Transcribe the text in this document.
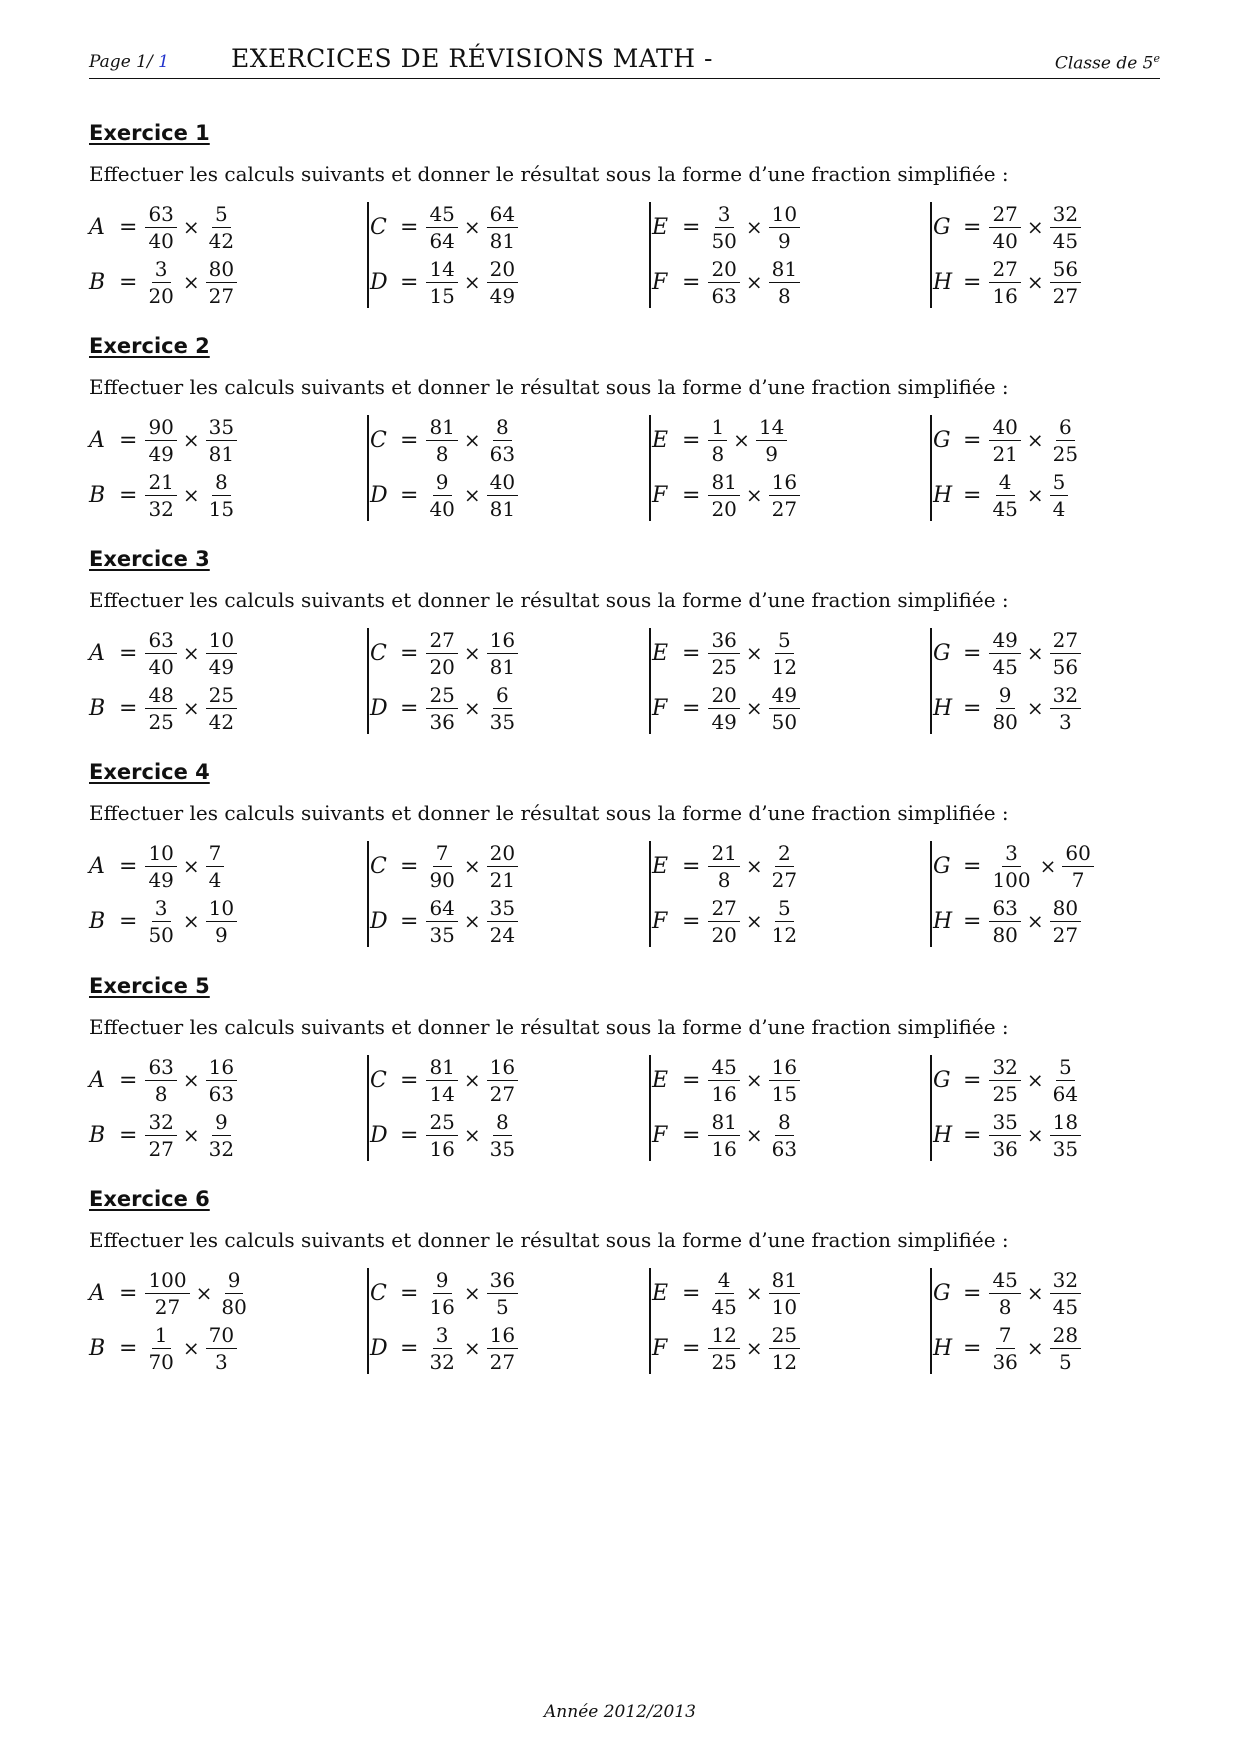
Page 1/ 1 EXERCICES DE RÉVISIONS MATH -	Classe de 5e
Exercice 1
Effectuer les calculs suivants et donner le résultat sous la forme d’une fraction simplifiée :
$A = \frac{63}{40} \times \frac{5}{42}$
$B = \frac{3}{20} \times \frac{80}{27}$
$C = \frac{45}{64} \times \frac{64}{81}$
$D = \frac{14}{15} \times \frac{20}{49}$
$E = \frac{3}{50} \times \frac{10}{9}$
$F = \frac{20}{63} \times \frac{81}{8}$
$G = \frac{27}{40} \times \frac{32}{45}$
$H = \frac{27}{16} \times \frac{56}{27}$
Exercice 2
Effectuer les calculs suivants et donner le résultat sous la forme d’une fraction simplifiée :
$A = \frac{90}{49} \times \frac{35}{81}$
$B = \frac{21}{32} \times \frac{8}{15}$
$C = \frac{81}{8} \times \frac{8}{63}$
$D = \frac{9}{40} \times \frac{40}{81}$
$E = \frac{1}{8} \times \frac{14}{9}$
$F = \frac{81}{20} \times \frac{16}{27}$
$G = \frac{40}{21} \times \frac{6}{25}$
$H = \frac{4}{45} \times \frac{5}{4}$
Exercice 3
Effectuer les calculs suivants et donner le résultat sous la forme d’une fraction simplifiée :
$A = \frac{63}{40} \times \frac{10}{49}$
$B = \frac{48}{25} \times \frac{25}{42}$
$C = \frac{27}{20} \times \frac{16}{81}$
$D = \frac{25}{36} \times \frac{6}{35}$
$E = \frac{36}{25} \times \frac{5}{12}$
$F = \frac{20}{49} \times \frac{49}{50}$
$G = \frac{49}{45} \times \frac{27}{56}$
$H = \frac{9}{80} \times \frac{32}{3}$
Exercice 4
Effectuer les calculs suivants et donner le résultat sous la forme d’une fraction simplifiée :
$A = \frac{10}{49} \times \frac{7}{4}$
$B = \frac{3}{50} \times \frac{10}{9}$
$C = \frac{7}{90} \times \frac{20}{21}$
$D = \frac{64}{35} \times \frac{35}{24}$
$E = \frac{21}{8} \times \frac{2}{27}$
$F = \frac{27}{20} \times \frac{5}{12}$
$G = \frac{3}{100} \times \frac{60}{7}$
$H = \frac{63}{80} \times \frac{80}{27}$
Exercice 5
Effectuer les calculs suivants et donner le résultat sous la forme d’une fraction simplifiée :
$A = \frac{63}{8} \times \frac{16}{63}$
$B = \frac{32}{27} \times \frac{9}{32}$
$C = \frac{81}{14} \times \frac{16}{27}$
$D = \frac{25}{16} \times \frac{8}{35}$
$E = \frac{45}{16} \times \frac{16}{15}$
$F = \frac{81}{16} \times \frac{8}{63}$
$G = \frac{32}{25} \times \frac{5}{64}$
$H = \frac{35}{36} \times \frac{18}{35}$
Exercice 6
Effectuer les calculs suivants et donner le résultat sous la forme d’une fraction simplifiée :
$A = \frac{100}{27} \times \frac{9}{80}$
$B = \frac{1}{70} \times \frac{70}{3}$
$C = \frac{9}{16} \times \frac{36}{5}$
$D = \frac{3}{32} \times \frac{16}{27}$
$E = \frac{4}{45} \times \frac{81}{10}$
$F = \frac{12}{25} \times \frac{25}{12}$
$G = \frac{45}{8} \times \frac{32}{45}$
$H = \frac{7}{36} \times \frac{28}{5}$
Année 2012/2013
